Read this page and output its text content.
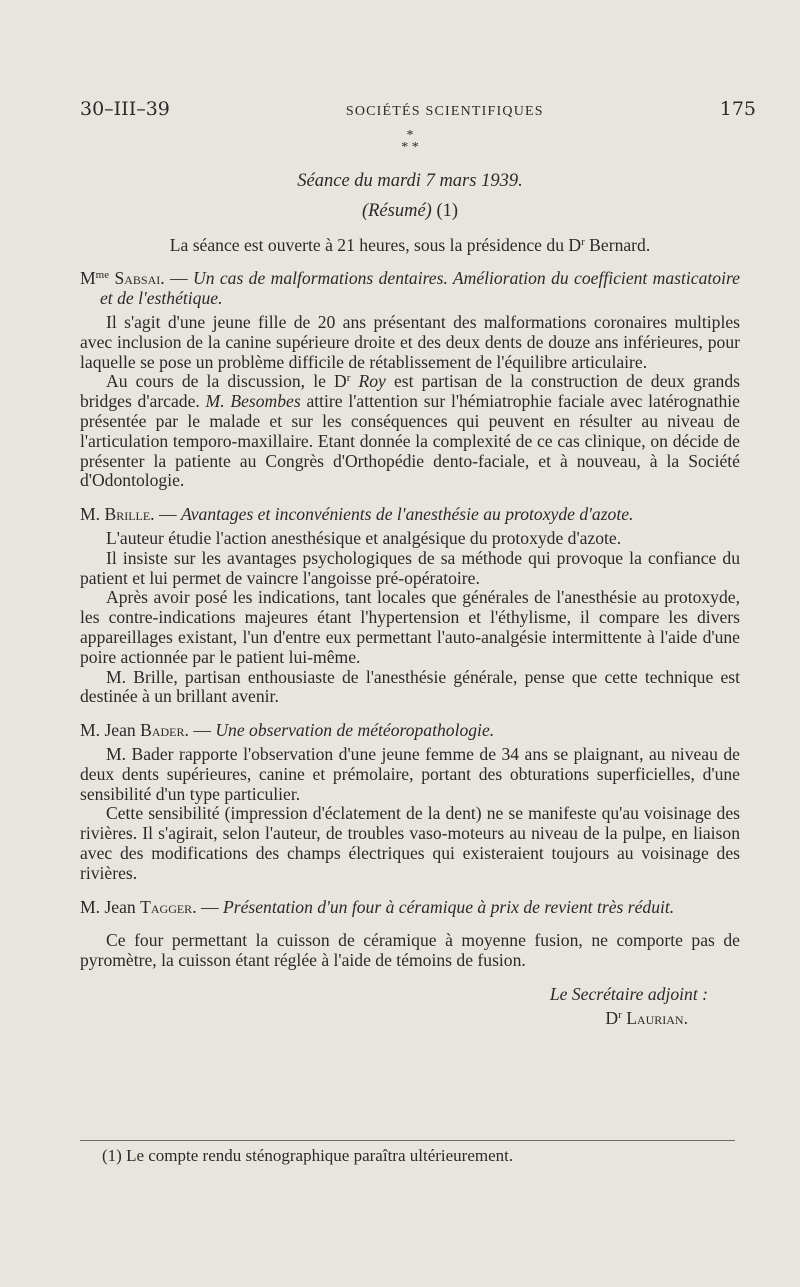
30–III–39	SOCIÉTÉS SCIENTIFIQUES	175
*
* *
Séance du mardi 7 mars 1939.
(Résumé) (1)

La séance est ouverte à 21 heures, sous la présidence du $D^r$ Bernard.

$M^{me}$ Sabsai. — Un cas de malformations dentaires. Amélioration du coefficient masticatoire et de l'esthétique.

Il s'agit d'une jeune fille de 20 ans présentant des malformations coronaires multiples avec inclusion de la canine supérieure droite et des deux dents de douze ans inférieures, pour laquelle se pose un problème difficile de rétablissement de l'équilibre articulaire.

Au cours de la discussion, le $D^r$ Roy est partisan de la construction de deux grands bridges d'arcade. M. Besombes attire l'attention sur l'hémiatrophie faciale avec latérognathie présentée par le malade et sur les conséquences qui peuvent en résulter au niveau de l'articulation temporo-maxillaire. Etant donnée la complexité de ce cas clinique, on décide de présenter la patiente au Congrès d'Orthopédie dento-faciale, et à nouveau, à la Société d'Odontologie.

M. Brille. — Avantages et inconvénients de l'anesthésie au protoxyde d'azote.

L'auteur étudie l'action anesthésique et analgésique du protoxyde d'azote.

Il insiste sur les avantages psychologiques de sa méthode qui provoque la confiance du patient et lui permet de vaincre l'angoisse pré-opératoire.

Après avoir posé les indications, tant locales que générales de l'anesthésie au protoxyde, les contre-indications majeures étant l'hypertension et l'éthylisme, il compare les divers appareillages existant, l'un d'entre eux permettant l'auto-analgésie intermittente à l'aide d'une poire actionnée par le patient lui-même.

M. Brille, partisan enthousiaste de l'anesthésie générale, pense que cette technique est destinée à un brillant avenir.

M. Jean Bader. — Une observation de météoropathologie.

M. Bader rapporte l'observation d'une jeune femme de 34 ans se plaignant, au niveau de deux dents supérieures, canine et prémolaire, portant des obturations superficielles, d'une sensibilité d'un type particulier.

Cette sensibilité (impression d'éclatement de la dent) ne se manifeste qu'au voisinage des rivières. Il s'agirait, selon l'auteur, de troubles vaso-moteurs au niveau de la pulpe, en liaison avec des modifications des champs électriques qui existeraient toujours au voisinage des rivières.

M. Jean Tagger. — Présentation d'un four à céramique à prix de revient très réduit.

Ce four permettant la cuisson de céramique à moyenne fusion, ne comporte pas de pyromètre, la cuisson étant réglée à l'aide de témoins de fusion.

Le Secrétaire adjoint :
$D^r$ Laurian.
(1) Le compte rendu sténographique paraîtra ultérieurement.
